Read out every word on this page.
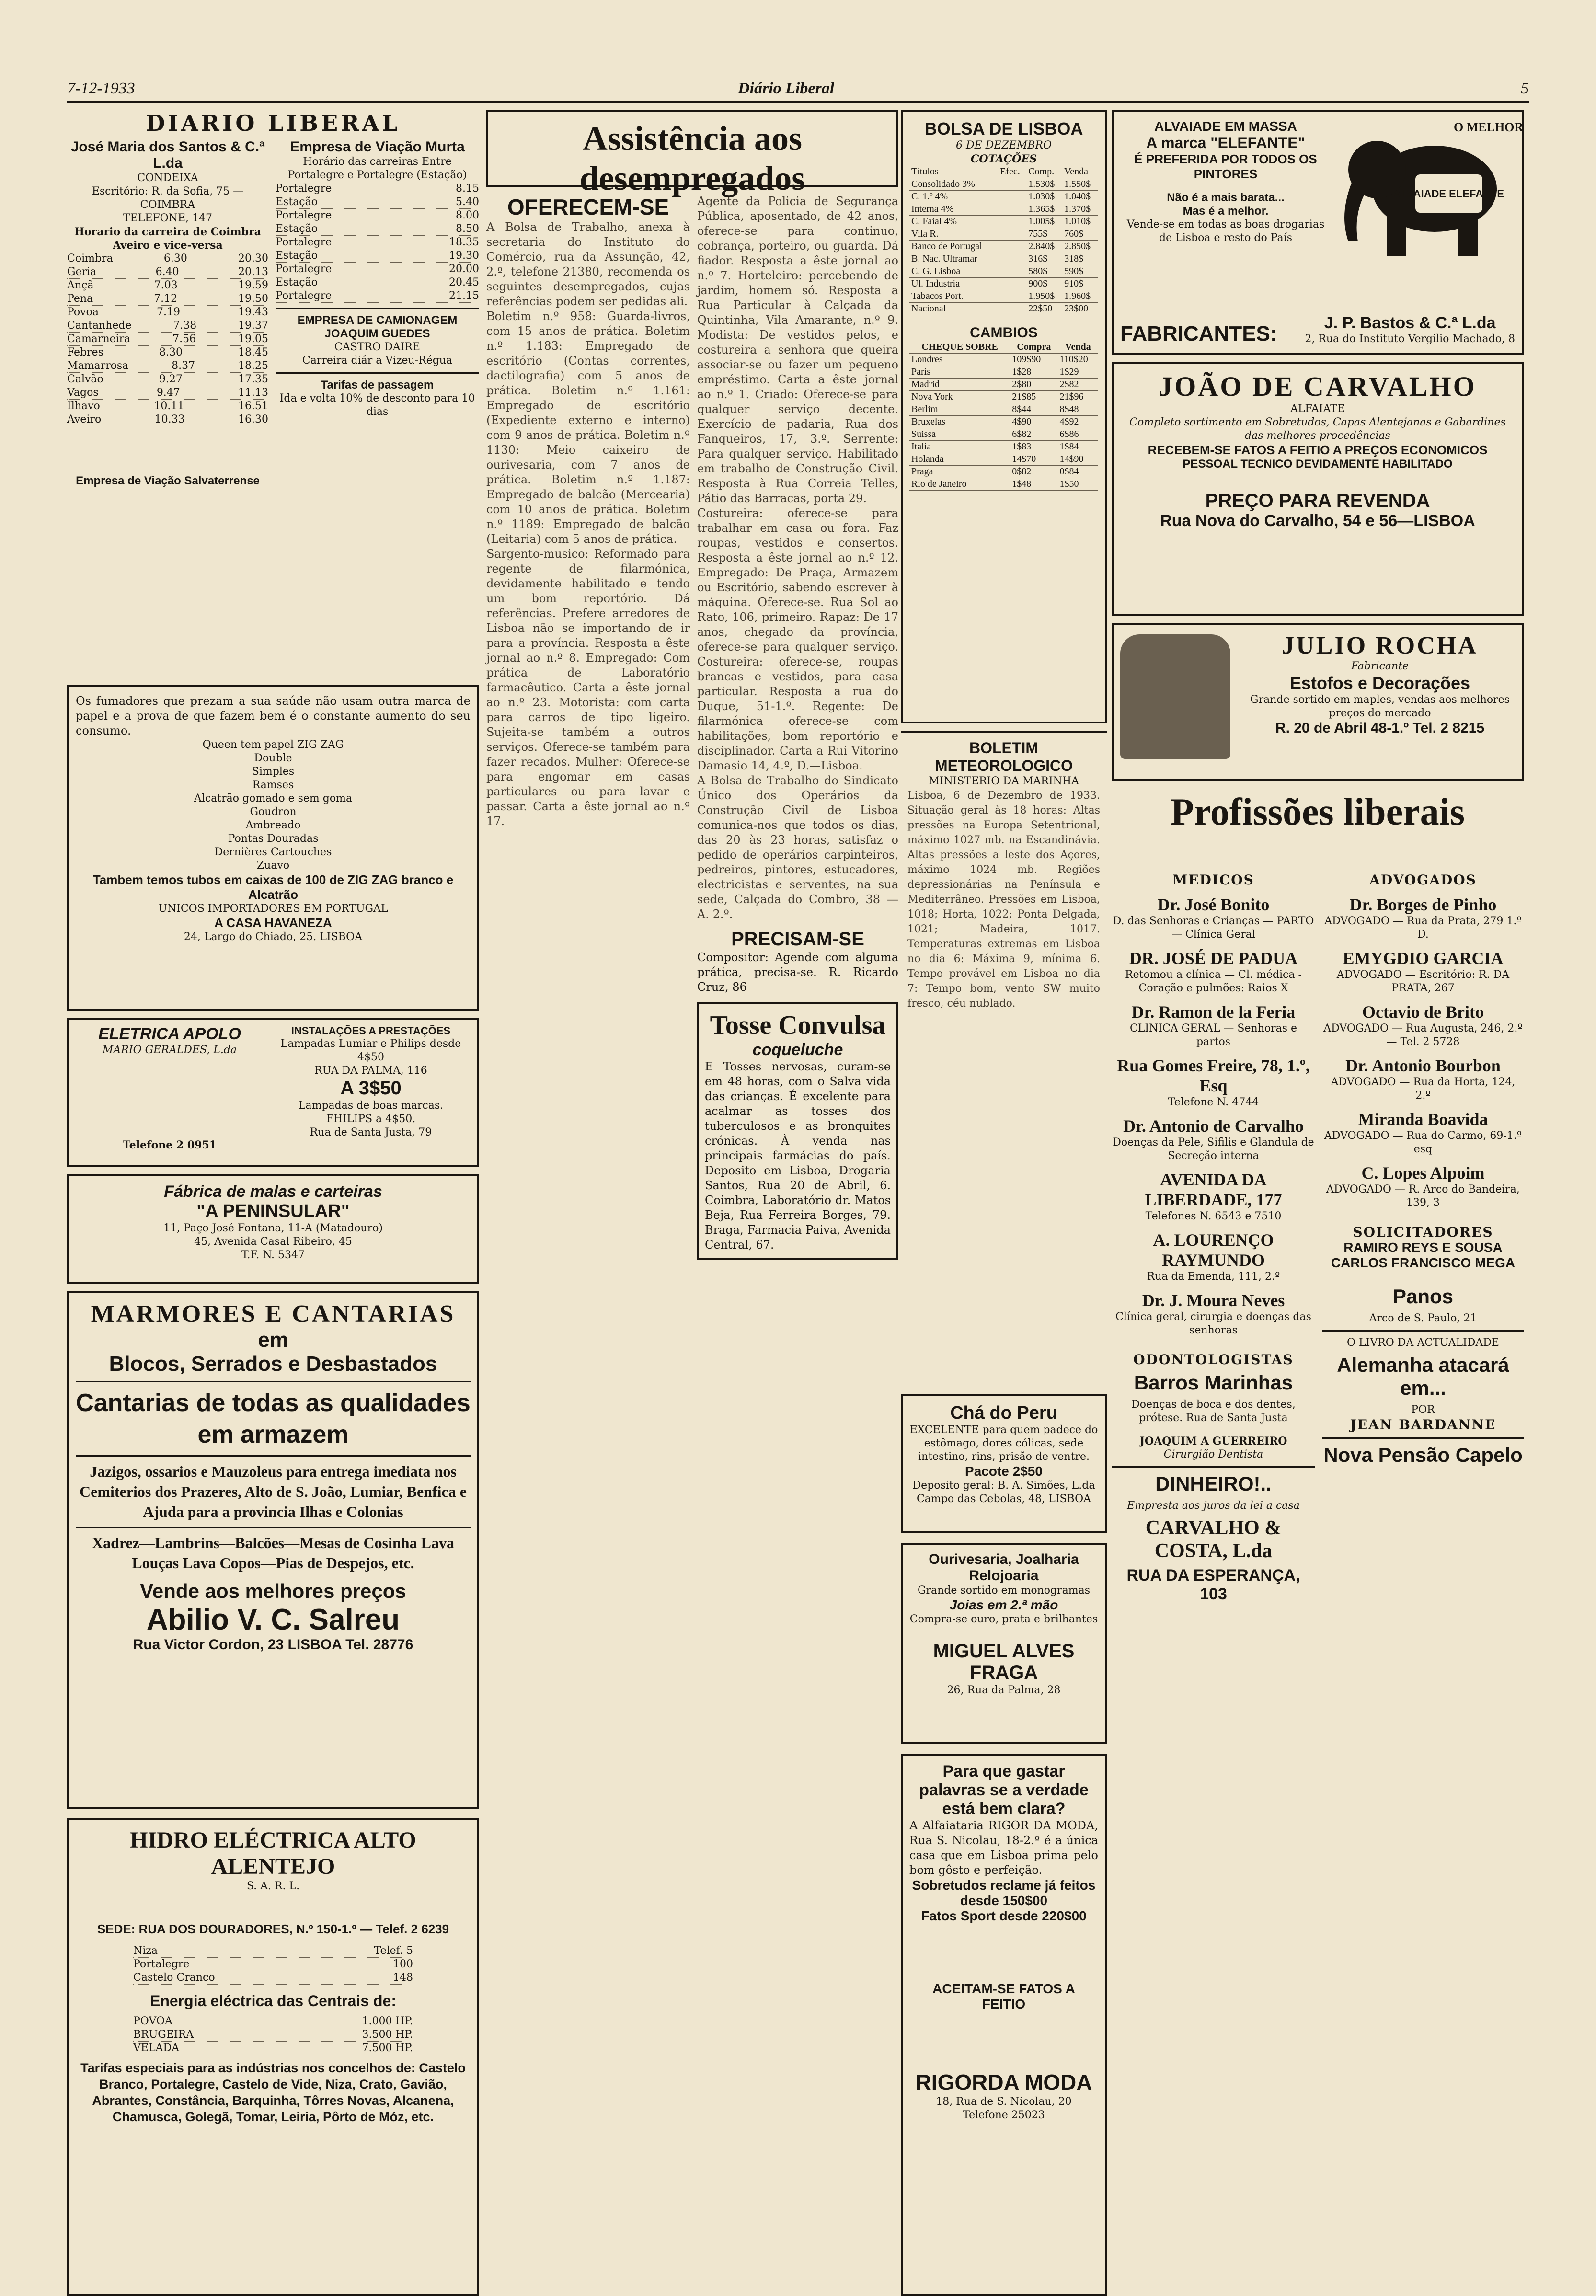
7-12-1933	Diário Liberal	5
DIARIO LIBERAL
José Maria dos Santos & C.ª L.da
CONDEIXA
Escritório: R. da Sofia, 75 — COIMBRA
TELEFONE, 147
Horario da carreira de Coimbra Aveiro e vice-versa
Coimbra	6.30	20.30
Geria	6.40	20.13
Ançã	7.03	19.59
Pena	7.12	19.50
Povoa	7.19	19.43
Cantanhede	7.38	19.37
Camarneira	7.56	19.05
Febres	8.30	18.45
Mamarrosa	8.37	18.25
Calvão	9.27	17.35
Vagos	9.47	11.13
Ilhavo	10.11	16.51
Aveiro	10.33	16.30
Empresa de Viação Murta
Horário das carreiras Entre Portalegre e Portalegre (Estação)
Portalegre	8.15
Estação	5.40
Portalegre	8.00
Estação	8.50
Portalegre	18.35
Estação	19.30
Portalegre	20.00
Estação	20.45
Portalegre	21.15
EMPRESA DE CAMIONAGEM JOAQUIM GUEDES
CASTRO DAIRE
Carreira diár a Vizeu-Régua
Tarifas de passagem
Ida e volta 10% de desconto para 10 dias
Empresa de Viação Salvaterrense
Os fumadores que prezam a sua saúde não usam outra marca de papel e a prova de que fazem bem é o constante aumento do seu consumo.
Queen tem papel ZIG ZAG
Double
Simples
Ramses
Alcatrão gomado e sem goma
Goudron
Ambreado
Pontas Douradas
Dernières Cartouches
Zuavo
Tambem temos tubos em caixas de 100 de ZIG ZAG branco e Alcatrão
UNICOS IMPORTADORES EM PORTUGAL
A CASA HAVANEZA
24, Largo do Chiado, 25. LISBOA
ELETRICA APOLO
MARIO GERALDES, L.da
Telefone 2 0951
INSTALAÇÕES A PRESTAÇÕES
Lampadas Lumiar e Philips desde 4$50
RUA DA PALMA, 116
A 3$50
Lampadas de boas marcas. FHILIPS a 4$50.
Rua de Santa Justa, 79
Fábrica de malas e carteiras
"A PENINSULAR"
11, Paço José Fontana, 11-A (Matadouro)
45, Avenida Casal Ribeiro, 45
T.F. N. 5347
MARMORES E CANTARIAS
em
Blocos, Serrados e Desbastados
Cantarias de todas as qualidades em armazem
Jazigos, ossarios e Mauzoleus para entrega imediata nos Cemiterios dos Prazeres, Alto de S. João, Lumiar, Benfica e Ajuda para a provincia Ilhas e Colonias
Xadrez—Lambrins—Balcões—Mesas de Cosinha Lava Louças Lava Copos—Pias de Despejos, etc.
Vende aos melhores preços
Abilio V. C. Salreu
Rua Victor Cordon, 23 LISBOA Tel. 28776
HIDRO ELÉCTRICA ALTO ALENTEJO
S. A. R. L.
SEDE: RUA DOS DOURADORES, N.º 150-1.º — Telef. 2 6239
Niza	Telef. 5
Portalegre	100
Castelo Cranco	148
Energia eléctrica das Centrais de:
POVOA	1.000 HP.
BRUGEIRA	3.500 HP.
VELADA	7.500 HP.
Tarifas especiais para as indústrias nos concelhos de: Castelo Branco, Portalegre, Castelo de Vide, Niza, Crato, Gavião, Abrantes, Constância, Barquinha, Tôrres Novas, Alcanena, Chamusca, Golegã, Tomar, Leiria, Pôrto de Móz, etc.
Assistência aos desempregados
OFERECEM-SE
A Bolsa de Trabalho, anexa à secretaria do Instituto do Comércio, rua da Assunção, 42, 2.º, telefone 21380, recomenda os seguintes desempregados, cujas referências podem ser pedidas ali.
Boletim n.º 958: Guarda-livros, com 15 anos de prática. Boletim n.º 1.183: Empregado de escritório (Contas correntes, dactilografia) com 5 anos de prática. Boletim n.º 1.161: Empregado de escritório (Expediente externo e interno) com 9 anos de prática. Boletim n.º 1130: Meio caixeiro de ourivesaria, com 7 anos de prática. Boletim n.º 1.187: Empregado de balcão (Mercearia) com 10 anos de prática. Boletim n.º 1189: Empregado de balcão (Leitaria) com 5 anos de prática.
Sargento-musico: Reformado para regente de filarmónica, devidamente habilitado e tendo um bom reportório. Dá referências. Prefere arredores de Lisboa não se importando de ir para a província. Resposta a êste jornal ao n.º 8. Empregado: Com prática de Laboratório farmacêutico. Carta a êste jornal ao n.º 23. Motorista: com carta para carros de tipo ligeiro. Sujeita-se também a outros serviços. Oferece-se também para fazer recados. Mulher: Oferece-se para engomar em casas particulares ou para lavar e passar. Carta a êste jornal ao n.º 17.
Agente da Policia de Segurança Pública, aposentado, de 42 anos, oferece-se para continuo, cobrança, porteiro, ou guarda. Dá fiador. Resposta a êste jornal ao n.º 7. Horteleiro: percebendo de jardim, homem só. Resposta a Rua Particular à Calçada da Quintinha, Vila Amarante, n.º 9. Modista: De vestidos pelos, e costureira a senhora que queira associar-se ou fazer um pequeno empréstimo. Carta a êste jornal ao n.º 1. Criado: Oferece-se para qualquer serviço decente. Exercício de padaria, Rua dos Fanqueiros, 17, 3.º. Serrente: Para qualquer serviço. Habilitado em trabalho de Construção Civil. Resposta à Rua Correia Telles, Pátio das Barracas, porta 29.
Costureira: oferece-se para trabalhar em casa ou fora. Faz roupas, vestidos e consertos. Resposta a êste jornal ao n.º 12. Empregado: De Praça, Armazem ou Escritório, sabendo escrever à máquina. Oferece-se. Rua Sol ao Rato, 106, primeiro. Rapaz: De 17 anos, chegado da província, oferece-se para qualquer serviço. Costureira: oferece-se, roupas brancas e vestidos, para casa particular. Resposta a rua do Duque, 51-1.º. Regente: De filarmónica oferece-se com habilitações, bom reportório e disciplinador. Carta a Rui Vitorino Damasio 14, 4.º, D.—Lisboa.
A Bolsa de Trabalho do Sindicato Único dos Operários da Construção Civil de Lisboa comunica-nos que todos os dias, das 20 às 23 horas, satisfaz o pedido de operários carpinteiros, pedreiros, pintores, estucadores, electricistas e serventes, na sua sede, Calçada do Combro, 38 — A. 2.º.
PRECISAM-SE
Compositor: Agende com alguma prática, precisa-se. R. Ricardo Cruz, 86
Tosse Convulsa
coqueluche
E Tosses nervosas, curam-se em 48 horas, com o Salva vida das crianças. É excelente para acalmar as tosses dos tuberculosos e as bronquites crónicas. À venda nas principais farmácias do país. Deposito em Lisboa, Drogaria Santos, Rua 20 de Abril, 6. Coimbra, Laboratório dr. Matos Beja, Rua Ferreira Borges, 79. Braga, Farmacia Paiva, Avenida Central, 67.
BOLSA DE LISBOA
6 DE DEZEMBRO
COTAÇÕES
Títulos	Efec.	Comp.	Venda
Consolidado 3%		1.530$	1.550$
C. 1.º 4%		1.030$	1.040$
Interna 4%		1.365$	1.370$
C. Faial 4%		1.005$	1.010$
Vila R.		755$	760$
Banco de Portugal		2.840$	2.850$
B. Nac. Ultramar		316$	318$
C. G. Lisboa		580$	590$
Ul. Industria		900$	910$
Tabacos Port.		1.950$	1.960$
Nacional		22$50	23$00
CAMBIOS
CHEQUE SOBRE	Compra	Venda
Londres	109$90	110$20
Paris	1$28	1$29
Madrid	2$80	2$82
Nova York	21$85	21$96
Berlim	8$44	8$48
Bruxelas	4$90	4$92
Suissa	6$82	6$86
Italia	1$83	1$84
Holanda	14$70	14$90
Praga	0$82	0$84
Rio de Janeiro	1$48	1$50
BOLETIM METEOROLOGICO
MINISTERIO DA MARINHA
Lisboa, 6 de Dezembro de 1933. Situação geral às 18 horas: Altas pressões na Europa Setentrional, máximo 1027 mb. na Escandinávia. Altas pressões a leste dos Açores, máximo 1024 mb. Regiões depressionárias na Península e Mediterrâneo. Pressões em Lisboa, 1018; Horta, 1022; Ponta Delgada, 1021; Madeira, 1017. Temperaturas extremas em Lisboa no dia 6: Máxima 9, mínima 6. Tempo provável em Lisboa no dia 7: Tempo bom, vento SW muito fresco, céu nublado.
Chá do Peru
EXCELENTE para quem padece do estômago, dores cólicas, sede intestino, rins, prisão de ventre.
Pacote 2$50
Deposito geral: B. A. Simões, L.da
Campo das Cebolas, 48, LISBOA
Ourivesaria, Joalharia Relojoaria
Grande sortido em monogramas
Joias em 2.ª mão
Compra-se ouro, prata e brilhantes
MIGUEL ALVES FRAGA
26, Rua da Palma, 28
Para que gastar palavras se a verdade está bem clara?
A Alfaiataria RIGOR DA MODA, Rua S. Nicolau, 18-2.º é a única casa que em Lisboa prima pelo bom gôsto e perfeição.
Sobretudos reclame já feitos desde 150$00
Fatos Sport desde 220$00
ACEITAM-SE FATOS A FEITIO
RIGORDA MODA
18, Rua de S. Nicolau, 20
Telefone 25023
ALVAIADE EM MASSA
A marca "ELEFANTE"
É PREFERIDA POR TODOS OS PINTORES
Não é a mais barata...
Mas é a melhor.
Vende-se em todas as boas drogarias de Lisboa e resto do País
ALVAIADE ELEFANTE
O MELHOR
FABRICANTES:	J. P. Bastos & C.ª L.da
2, Rua do Instituto Vergilio Machado, 8
JOÃO DE CARVALHO
ALFAIATE
Completo sortimento em Sobretudos, Capas Alentejanas e Gabardines das melhores procedências
RECEBEM-SE FATOS A FEITIO A PREÇOS ECONOMICOS
PESSOAL TECNICO DEVIDAMENTE HABILITADO
PREÇO PARA REVENDA
Rua Nova do Carvalho, 54 e 56—LISBOA
JULIO ROCHA
Fabricante
Estofos e Decorações
Grande sortido em maples, vendas aos melhores preços do mercado
R. 20 de Abril 48-1.º Tel. 2 8215
Profissões liberais
MEDICOS
Dr. José Bonito
D. das Senhoras e Crianças — PARTO — Clínica Geral
DR. JOSÉ DE PADUA
Retomou a clínica — Cl. médica - Coração e pulmões: Raios X
Dr. Ramon de la Feria
CLINICA GERAL — Senhoras e partos
Rua Gomes Freire, 78, 1.º, Esq
Telefone N. 4744
Dr. Antonio de Carvalho
Doenças da Pele, Sifilis e Glandula de Secreção interna
AVENIDA DA LIBERDADE, 177
Telefones N. 6543 e 7510
A. LOURENÇO RAYMUNDO
Rua da Emenda, 111, 2.º
Dr. J. Moura Neves
Clínica geral, cirurgia e doenças das senhoras
ODONTOLOGISTAS
Barros Marinhas
Doenças de boca e dos dentes, prótese. Rua de Santa Justa
JOAQUIM A GUERREIRO
Cirurgião Dentista
DINHEIRO!..
Empresta aos juros da lei a casa
CARVALHO & COSTA, L.da
RUA DA ESPERANÇA, 103
ADVOGADOS
Dr. Borges de Pinho
ADVOGADO — Rua da Prata, 279 1.º D.
EMYGDIO GARCIA
ADVOGADO — Escritório: R. DA PRATA, 267
Octavio de Brito
ADVOGADO — Rua Augusta, 246, 2.º — Tel. 2 5728
Dr. Antonio Bourbon
ADVOGADO — Rua da Horta, 124, 2.º
Miranda Boavida
ADVOGADO — Rua do Carmo, 69-1.º esq
C. Lopes Alpoim
ADVOGADO — R. Arco do Bandeira, 139, 3
SOLICITADORES
RAMIRO REYS E SOUSA
CARLOS FRANCISCO MEGA
Panos
Arco de S. Paulo, 21
O LIVRO DA ACTUALIDADE
Alemanha atacará em...
POR
JEAN BARDANNE
Nova Pensão Capelo
